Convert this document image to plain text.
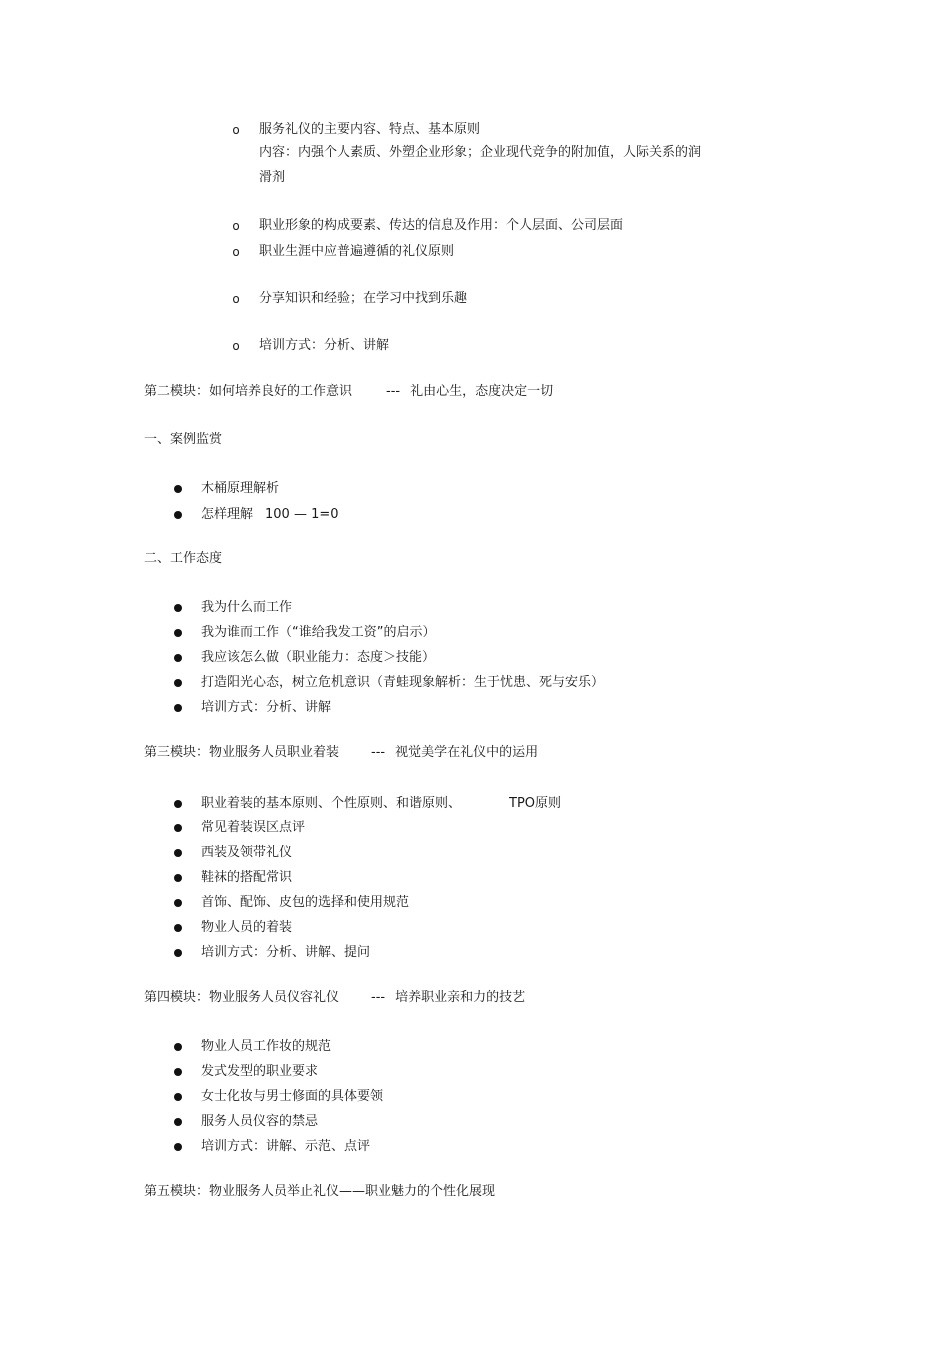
o 服务礼仪的主要内容、特点、基本原则
内容：内强个人素质、外塑企业形象；企业现代竞争的附加值，人际关系的润
滑剂
o 职业形象的构成要素、传达的信息及作用：个人层面、公司层面
o 职业生涯中应普遍遵循的礼仪原则
o 分享知识和经验；在学习中找到乐趣
o 培训方式：分析、讲解
第二模块：如何培养良好的工作意识	--- 礼由心生，态度决定一切
一、案例监赏
木桶原理解析
怎样理解 100 — 1=0
二、工作态度
我为什么而工作
我为谁而工作（“谁给我发工资”的启示）
我应该怎么做（职业能力：态度＞技能）
打造阳光心态，树立危机意识（青蛙现象解析：生于忧患、死与安乐）
培训方式：分析、讲解
第三模块：物业服务人员职业着装 --- 视觉美学在礼仪中的运用
职业着装的基本原则、个性原则、和谐原则、	TPO原则
常见着装误区点评
西装及领带礼仪
鞋袜的搭配常识
首饰、配饰、皮包的选择和使用规范
物业人员的着装
培训方式：分析、讲解、提问
第四模块：物业服务人员仪容礼仪 --- 培养职业亲和力的技艺
物业人员工作妆的规范
发式发型的职业要求
女士化妆与男士修面的具体要领
服务人员仪容的禁忌
培训方式：讲解、示范、点评
第五模块：物业服务人员举止礼仪——职业魅力的个性化展现
